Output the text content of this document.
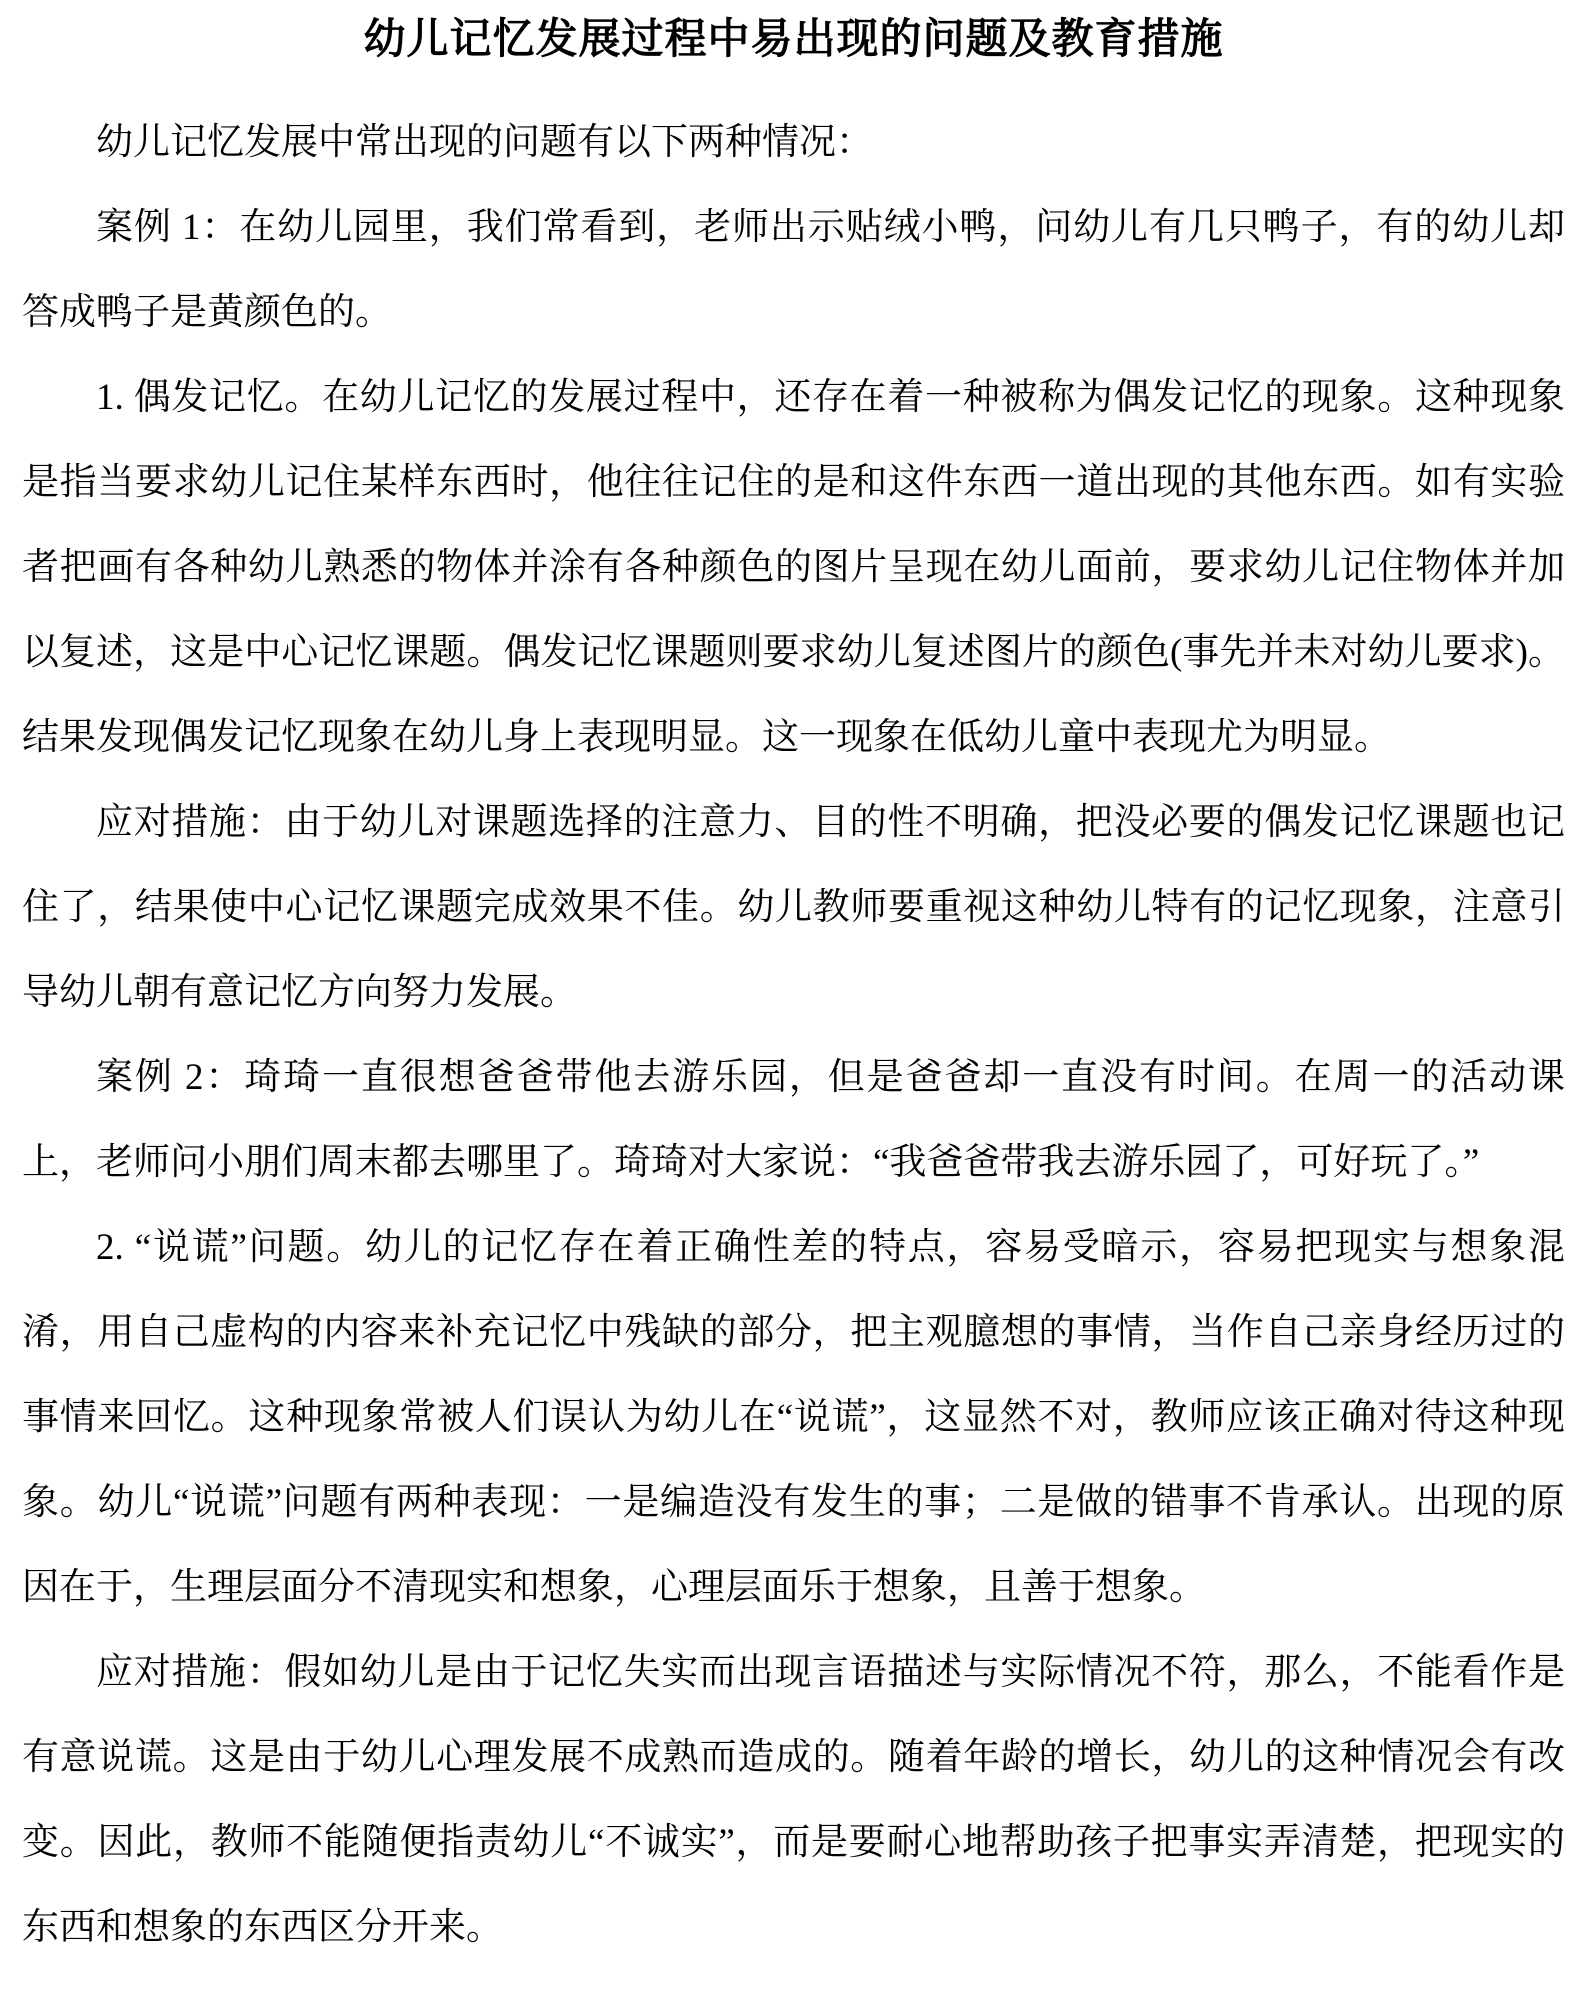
幼儿记忆发展过程中易出现的问题及教育措施

幼儿记忆发展中常出现的问题有以下两种情况：

案例 1：在幼儿园里，我们常看到，老师出示贴绒小鸭，问幼儿有几只鸭子，有的幼儿却答成鸭子是黄颜色的。

1. 偶发记忆。在幼儿记忆的发展过程中，还存在着一种被称为偶发记忆的现象。这种现象是指当要求幼儿记住某样东西时，他往往记住的是和这件东西一道出现的其他东西。如有实验者把画有各种幼儿熟悉的物体并涂有各种颜色的图片呈现在幼儿面前，要求幼儿记住物体并加以复述，这是中心记忆课题。偶发记忆课题则要求幼儿复述图片的颜色(事先并未对幼儿要求)。结果发现偶发记忆现象在幼儿身上表现明显。这一现象在低幼儿童中表现尤为明显。

应对措施：由于幼儿对课题选择的注意力、目的性不明确，把没必要的偶发记忆课题也记住了，结果使中心记忆课题完成效果不佳。幼儿教师要重视这种幼儿特有的记忆现象，注意引导幼儿朝有意记忆方向努力发展。

案例 2：琦琦一直很想爸爸带他去游乐园，但是爸爸却一直没有时间。在周一的活动课上，老师问小朋们周末都去哪里了。琦琦对大家说：“我爸爸带我去游乐园了，可好玩了。”

2. “说谎”问题。幼儿的记忆存在着正确性差的特点，容易受暗示，容易把现实与想象混淆，用自己虚构的内容来补充记忆中残缺的部分，把主观臆想的事情，当作自己亲身经历过的事情来回忆。这种现象常被人们误认为幼儿在“说谎”，这显然不对，教师应该正确对待这种现象。幼儿“说谎”问题有两种表现：一是编造没有发生的事；二是做的错事不肯承认。出现的原因在于，生理层面分不清现实和想象，心理层面乐于想象，且善于想象。

应对措施：假如幼儿是由于记忆失实而出现言语描述与实际情况不符，那么，不能看作是有意说谎。这是由于幼儿心理发展不成熟而造成的。随着年龄的增长，幼儿的这种情况会有改变。因此，教师不能随便指责幼儿“不诚实”，而是要耐心地帮助孩子把事实弄清楚，把现实的东西和想象的东西区分开来。
